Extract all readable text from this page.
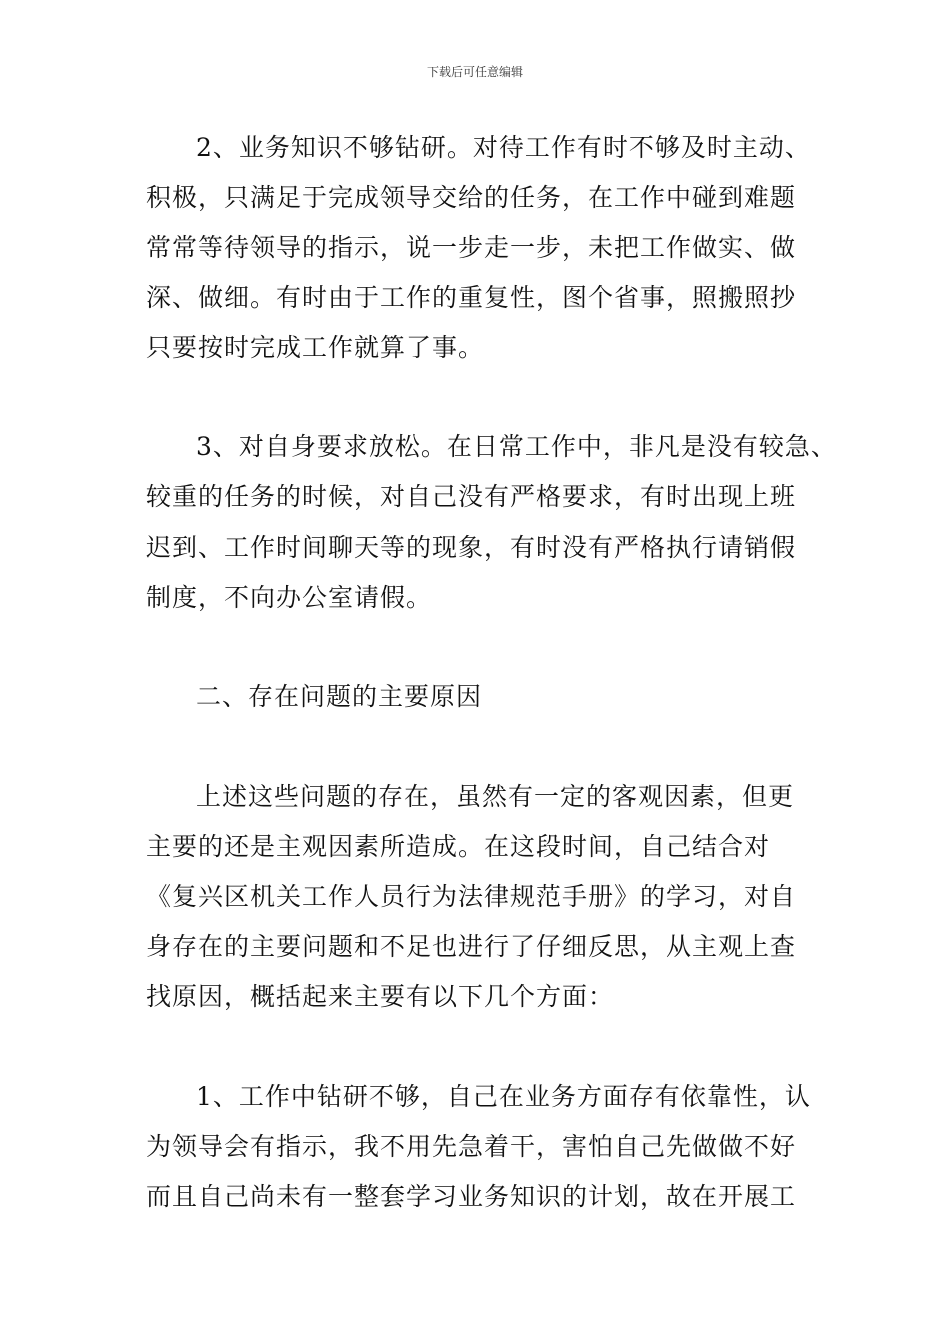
下载后可任意编辑
2、业务知识不够钻研。对待工作有时不够及时主动、
积极，只满足于完成领导交给的任务，在工作中碰到难题
常常等待领导的指示，说一步走一步，未把工作做实、做
深、做细。有时由于工作的重复性，图个省事，照搬照抄
只要按时完成工作就算了事。
3、对自身要求放松。在日常工作中，非凡是没有较急、
较重的任务的时候，对自己没有严格要求，有时出现上班
迟到、工作时间聊天等的现象，有时没有严格执行请销假
制度，不向办公室请假。
二、存在问题的主要原因
上述这些问题的存在，虽然有一定的客观因素，但更
主要的还是主观因素所造成。在这段时间，自己结合对
《复兴区机关工作人员行为法律规范手册》的学习，对自
身存在的主要问题和不足也进行了仔细反思，从主观上查
找原因，概括起来主要有以下几个方面：
1、工作中钻研不够，自己在业务方面存有依靠性，认
为领导会有指示，我不用先急着干，害怕自己先做做不好
而且自己尚未有一整套学习业务知识的计划，故在开展工
